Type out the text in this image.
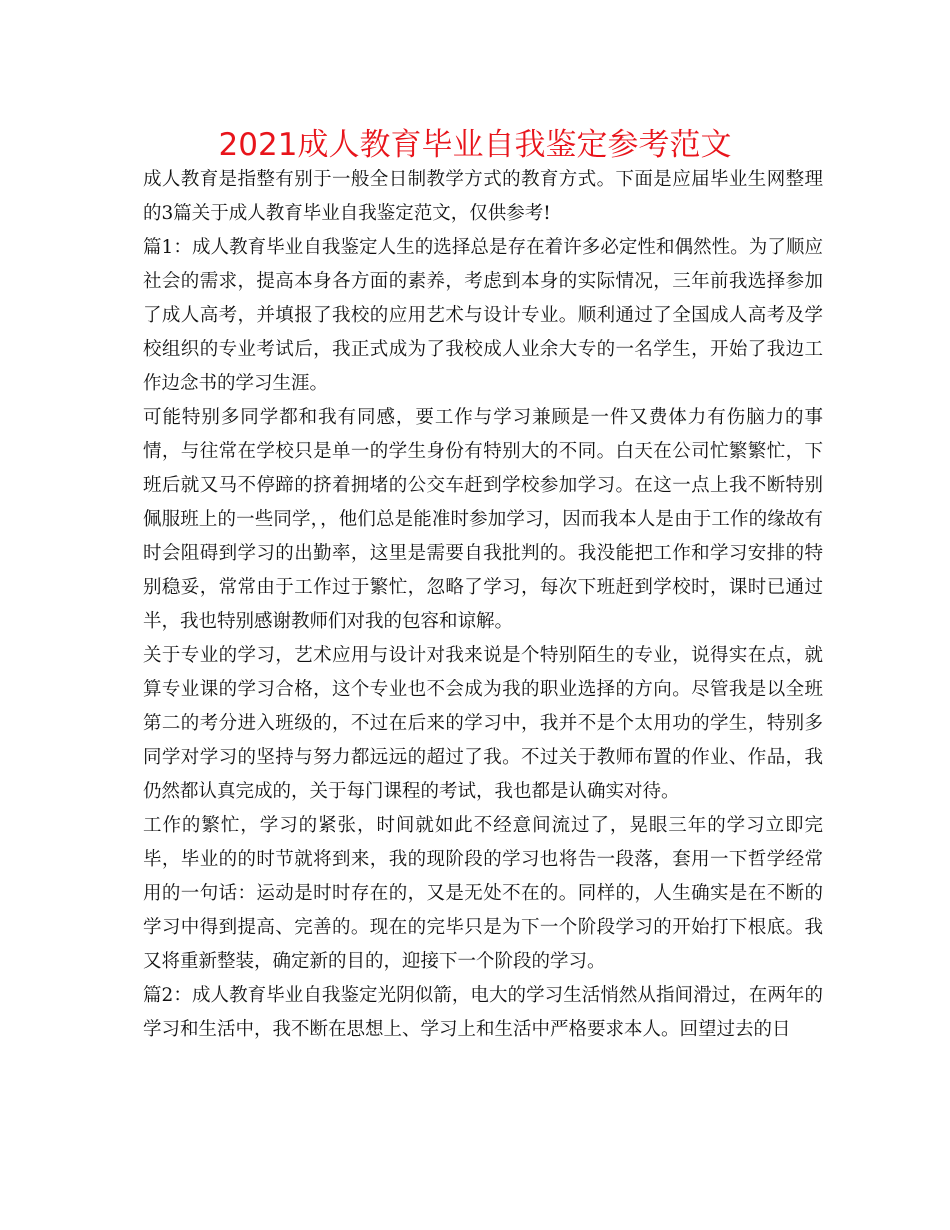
2021成人教育毕业自我鉴定参考范文

成人教育是指整有别于一般全日制教学方式的教育方式。下面是应届毕业生网整理的3篇关于成人教育毕业自我鉴定范文，仅供参考!

篇1：成人教育毕业自我鉴定人生的选择总是存在着许多必定性和偶然性。为了顺应社会的需求，提高本身各方面的素养，考虑到本身的实际情况，三年前我选择参加了成人高考，并填报了我校的应用艺术与设计专业。顺利通过了全国成人高考及学校组织的专业考试后，我正式成为了我校成人业余大专的一名学生，开始了我边工作边念书的学习生涯。

可能特别多同学都和我有同感，要工作与学习兼顾是一件又费体力有伤脑力的事情，与往常在学校只是单一的学生身份有特别大的不同。白天在公司忙繁繁忙，下班后就又马不停蹄的挤着拥堵的公交车赶到学校参加学习。在这一点上我不断特别佩服班上的一些同学，，他们总是能准时参加学习，因而我本人是由于工作的缘故有时会阻碍到学习的出勤率，这里是需要自我批判的。我没能把工作和学习安排的特别稳妥，常常由于工作过于繁忙，忽略了学习，每次下班赶到学校时，课时已通过半，我也特别感谢教师们对我的包容和谅解。

关于专业的学习，艺术应用与设计对我来说是个特别陌生的专业，说得实在点，就算专业课的学习合格，这个专业也不会成为我的职业选择的方向。尽管我是以全班第二的考分进入班级的，不过在后来的学习中，我并不是个太用功的学生，特别多同学对学习的坚持与努力都远远的超过了我。不过关于教师布置的作业、作品，我仍然都认真完成的，关于每门课程的考试，我也都是认确实对待。

工作的繁忙，学习的紧张，时间就如此不经意间流过了，晃眼三年的学习立即完毕，毕业的的时节就将到来，我的现阶段的学习也将告一段落，套用一下哲学经常用的一句话：运动是时时存在的，又是无处不在的。同样的，人生确实是在不断的学习中得到提高、完善的。现在的完毕只是为下一个阶段学习的开始打下根底。我又将重新整装，确定新的目的，迎接下一个阶段的学习。

篇2：成人教育毕业自我鉴定光阴似箭，电大的学习生活悄然从指间滑过，在两年的学习和生活中，我不断在思想上、学习上和生活中严格要求本人。回望过去的日
